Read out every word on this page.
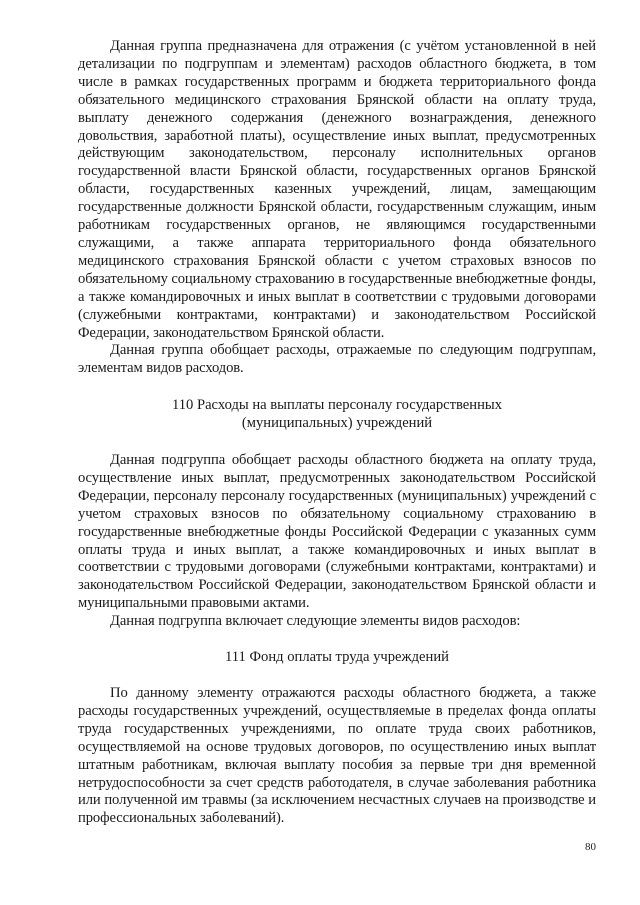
Данная группа предназначена для отражения (с учётом установленной в ней детализации по подгруппам и элементам) расходов областного бюджета, в том числе в рамках государственных программ и бюджета территориального фонда обязательного медицинского страхования Брянской области на оплату труда, выплату денежного содержания (денежного вознаграждения, денежного довольствия, заработной платы), осуществление иных выплат, предусмотренных действующим законодательством, персоналу исполнительных органов государственной власти Брянской области, государственных органов Брянской области, государственных казенных учреждений, лицам, замещающим государственные должности Брянской области, государственным служащим, иным работникам государственных органов, не являющимся государственными служащими, а также аппарата территориального фонда обязательного медицинского страхования Брянской области с учетом страховых взносов по обязательному социальному страхованию в государственные внебюджетные фонды, а также командировочных и иных выплат в соответствии с трудовыми договорами (служебными контрактами, контрактами) и законодательством Российской Федерации, законодательством Брянской области.

Данная группа обобщает расходы, отражаемые по следующим подгруппам, элементам видов расходов.

110 Расходы на выплаты персоналу государственных

(муниципальных) учреждений

Данная подгруппа обобщает расходы областного бюджета на оплату труда, осуществление иных выплат, предусмотренных законодательством Российской Федерации, персоналу персоналу государственных (муниципальных) учреждений с учетом страховых взносов по обязательному социальному страхованию в государственные внебюджетные фонды Российской Федерации с указанных сумм оплаты труда и иных выплат, а также командировочных и иных выплат в соответствии с трудовыми договорами (служебными контрактами, контрактами) и законодательством Российской Федерации, законодательством Брянской области и муниципальными правовыми актами.

Данная подгруппа включает следующие элементы видов расходов:

111 Фонд оплаты труда учреждений

По данному элементу отражаются расходы областного бюджета, а также расходы государственных учреждений, осуществляемые в пределах фонда оплаты труда государственных учреждениями, по оплате труда своих работников, осуществляемой на основе трудовых договоров, по осуществлению иных выплат штатным работникам, включая выплату пособия за первые три дня временной нетрудоспособности за счет средств работодателя, в случае заболевания работника или полученной им травмы (за исключением несчастных случаев на производстве и профессиональных заболеваний).

80
